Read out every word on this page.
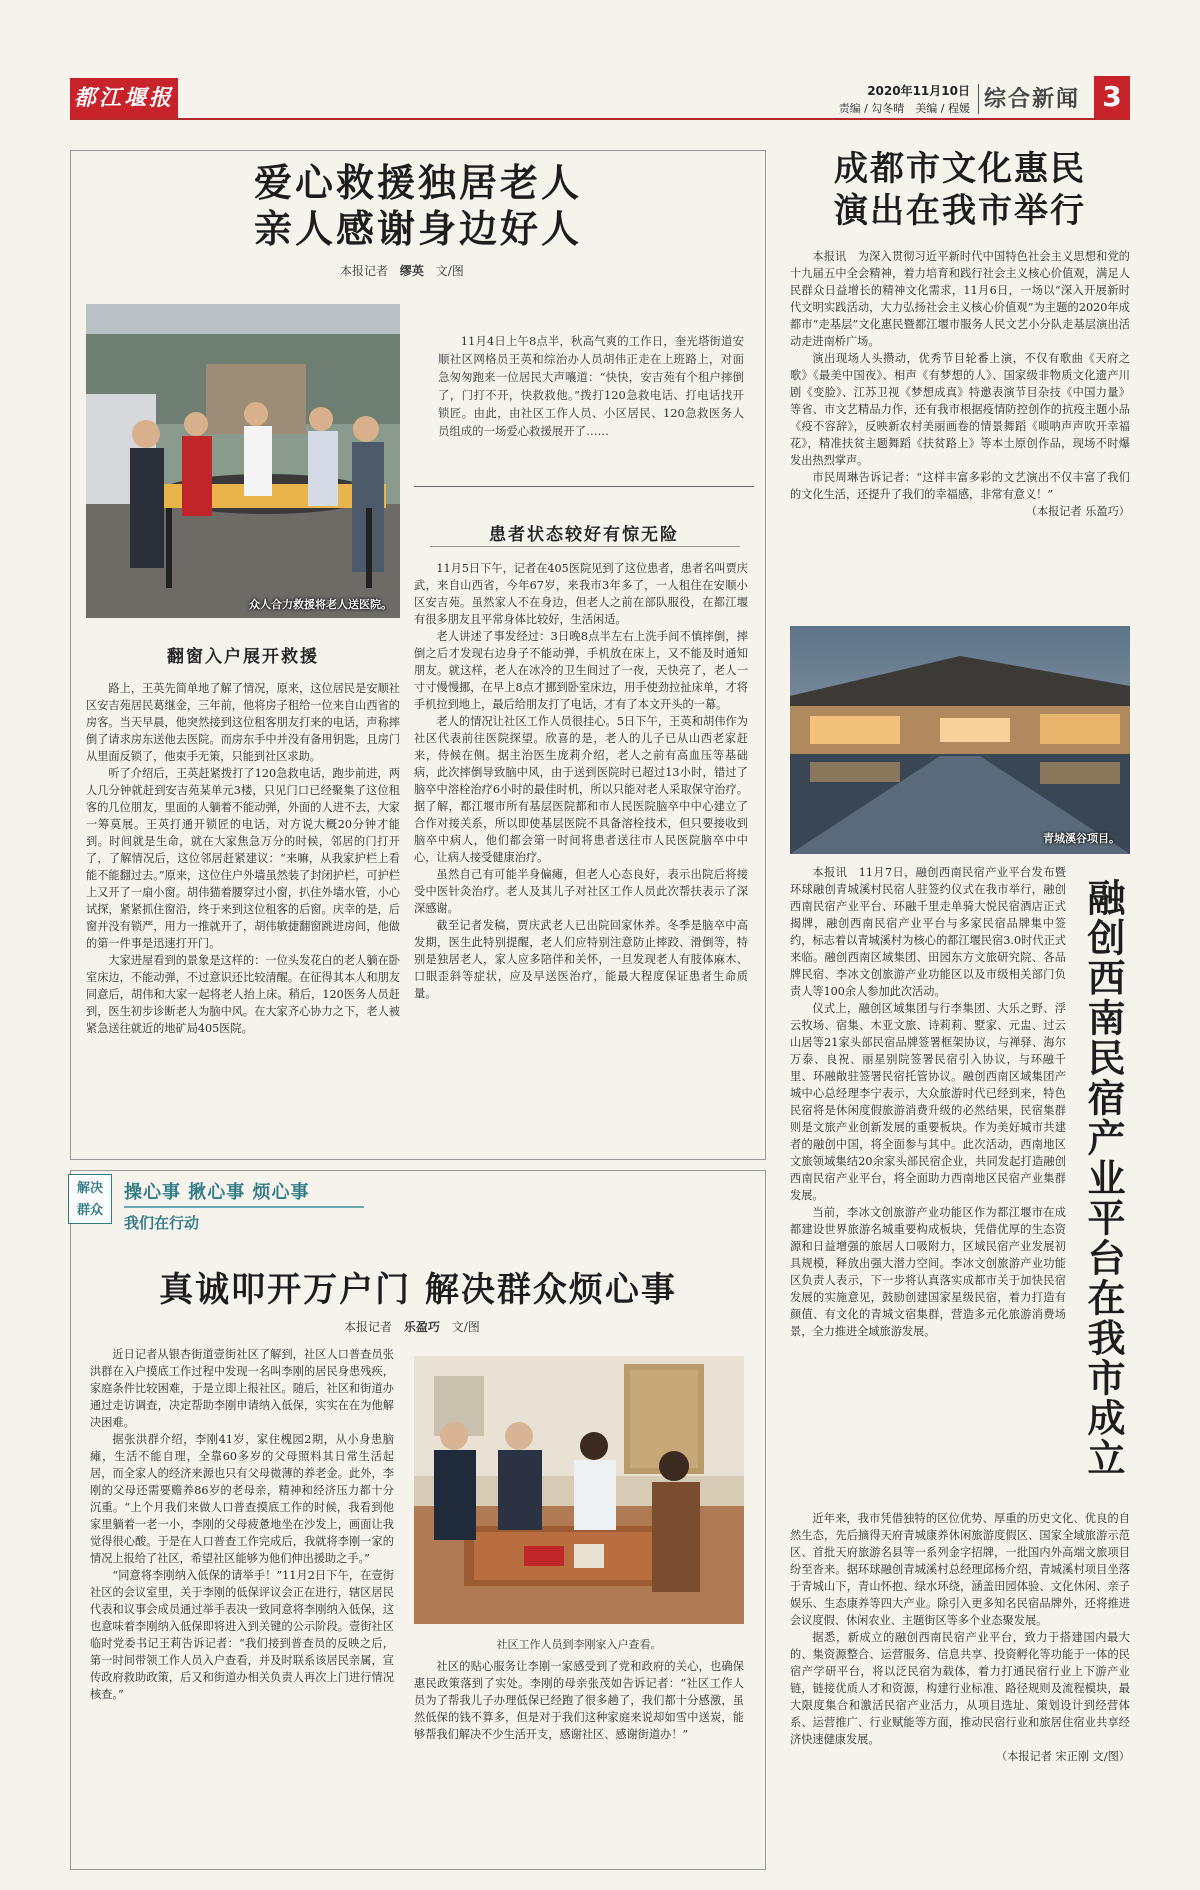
都江堰报	2020年11月10日
责编 / 勾冬晴　美编 / 程媛 综合新闻 3
爱心救援独居老人
亲人感谢身边好人
本报记者 缪英 文/图
众人合力救援将老人送医院。
11月4日上午8点半，秋高气爽的工作日，奎光塔街道安顺社区网格员王英和综治办人员胡伟正走在上班路上，对面急匆匆跑来一位居民大声嚷道：“快快，安吉苑有个租户摔倒了，门打不开，快救救他。”拨打120急救电话、打电话找开锁匠。由此，由社区工作人员、小区居民、120急救医务人员组成的一场爱心救援展开了……
患者状态较好有惊无险
翻窗入户展开救援

路上，王英先简单地了解了情况，原来，这位居民是安顺社区安吉苑居民葛继金，三年前，他将房子租给一位来自山西省的房客。当天早晨，他突然接到这位租客朋友打来的电话，声称摔倒了请求房东送他去医院。而房东手中并没有备用钥匙，且房门从里面反锁了，他束手无策，只能到社区求助。

听了介绍后，王英赶紧拨打了120急救电话，跑步前进，两人几分钟就赶到安吉苑某单元3楼，只见门口已经聚集了这位租客的几位朋友，里面的人躺着不能动弹，外面的人进不去，大家一筹莫展。王英打通开锁匠的电话，对方说大概20分钟才能到。时间就是生命，就在大家焦急万分的时候，邻居的门打开了，了解情况后，这位邻居赶紧建议：“来嘛，从我家护栏上看能不能翻过去。”原来，这位住户外墙虽然装了封闭护栏，可护栏上又开了一扇小窗。胡伟猫着腰穿过小窗，扒住外墙水管，小心试探，紧紧抓住窗沿，终于来到这位租客的后窗。庆幸的是，后窗并没有锁严，用力一推就开了，胡伟敏捷翻窗跳进房间，他做的第一件事是迅速打开门。

大家进屋看到的景象是这样的：一位头发花白的老人躺在卧室床边，不能动弹，不过意识还比较清醒。在征得其本人和朋友同意后，胡伟和大家一起将老人抬上床。稍后，120医务人员赶到，医生初步诊断老人为脑中风。在大家齐心协力之下，老人被紧急送往就近的地矿局405医院。

11月5日下午，记者在405医院见到了这位患者，患者名叫贾庆武，来自山西省，今年67岁，来我市3年多了，一人租住在安顺小区安吉苑。虽然家人不在身边，但老人之前在部队服役，在都江堰有很多朋友且平常身体比较好，生活闲适。

老人讲述了事发经过：3日晚8点半左右上洗手间不慎摔倒，摔倒之后才发现右边身子不能动弹，手机放在床上，又不能及时通知朋友。就这样，老人在冰冷的卫生间过了一夜，天快亮了，老人一寸寸慢慢挪，在早上8点才挪到卧室床边，用手使劲拉扯床单，才将手机拉到地上，最后给朋友打了电话，才有了本文开头的一幕。

老人的情况让社区工作人员很挂心。5日下午，王英和胡伟作为社区代表前往医院探望。欣喜的是，老人的儿子已从山西老家赶来，侍候在侧。据主治医生庞莉介绍，老人之前有高血压等基础病，此次摔倒导致脑中风，由于送到医院时已超过13小时，错过了脑卒中溶栓治疗6小时的最佳时机，所以只能对老人采取保守治疗。据了解，都江堰市所有基层医院都和市人民医院脑卒中中心建立了合作对接关系，所以即使基层医院不具备溶栓技术，但只要接收到脑卒中病人，他们都会第一时间将患者送往市人民医院脑卒中中心，让病人接受健康治疗。

虽然自己有可能半身偏瘫，但老人心态良好，表示出院后将接受中医针灸治疗。老人及其儿子对社区工作人员此次帮扶表示了深深感谢。

截至记者发稿，贾庆武老人已出院回家休养。冬季是脑卒中高发期，医生此特别提醒，老人们应特别注意防止摔跤、滑倒等，特别是独居老人，家人应多陪伴和关怀，一旦发现老人有肢体麻木、口眼歪斜等症状，应及早送医治疗，能最大程度保证患者生命质量。

解决
群众
操心事 揪心事 烦心事
我们在行动
真诚叩开万户门 解决群众烦心事
本报记者 乐盈巧 文/图

近日记者从银杏街道壹街社区了解到，社区人口普查员张洪群在入户摸底工作过程中发现一名叫李刚的居民身患残疾，家庭条件比较困难，于是立即上报社区。随后，社区和街道办通过走访调查，决定帮助李刚申请纳入低保，实实在在为他解决困难。

据张洪群介绍，李刚41岁，家住槐园2期，从小身患脑瘫，生活不能自理，全靠60多岁的父母照料其日常生活起居，而全家人的经济来源也只有父母微薄的养老金。此外，李刚的父母还需要赡养86岁的老母亲，精神和经济压力都十分沉重。“上个月我们来做人口普查摸底工作的时候，我看到他家里躺着一老一小，李刚的父母疲惫地坐在沙发上，画面让我觉得很心酸。于是在人口普查工作完成后，我就将李刚一家的情况上报给了社区，希望社区能够为他们伸出援助之手。”

“同意将李刚纳入低保的请举手！”11月2日下午，在壹街社区的会议室里，关于李刚的低保评议会正在进行，辖区居民代表和议事会成员通过举手表决一致同意将李刚纳入低保，这也意味着李刚纳入低保即将进入到关键的公示阶段。壹街社区临时党委书记王莉告诉记者：“我们接到普查员的反映之后，第一时间带领工作人员入户查看，并及时联系该居民亲属，宣传政府救助政策，后又和街道办相关负责人再次上门进行情况核查。”

社区工作人员到李刚家入户查看。

社区的贴心服务让李刚一家感受到了党和政府的关心，也确保惠民政策落到了实处。李刚的母亲张茂如告诉记者：“社区工作人员为了帮我儿子办理低保已经跑了很多趟了，我们都十分感激，虽然低保的钱不算多，但是对于我们这种家庭来说却如雪中送炭，能够帮我们解决不少生活开支，感谢社区、感谢街道办！”

成都市文化惠民
演出在我市举行

本报讯　为深入贯彻习近平新时代中国特色社会主义思想和党的十九届五中全会精神，着力培育和践行社会主义核心价值观，满足人民群众日益增长的精神文化需求，11月6日，一场以“深入开展新时代文明实践活动，大力弘扬社会主义核心价值观”为主题的2020年成都市“走基层”文化惠民暨都江堰市服务人民文艺小分队走基层演出活动走进南桥广场。

演出现场人头攒动，优秀节目轮番上演，不仅有歌曲《天府之歌》《最美中国夜》、相声《有梦想的人》、国家级非物质文化遗产川剧《变脸》、江苏卫视《梦想成真》特邀表演节目杂技《中国力量》等省、市文艺精品力作，还有我市根据疫情防控创作的抗疫主题小品《疫不容辞》，反映新农村美丽画卷的情景舞蹈《唢呐声声吹开幸福花》，精准扶贫主题舞蹈《扶贫路上》等本土原创作品，现场不时爆发出热烈掌声。

市民周琳告诉记者：“这样丰富多彩的文艺演出不仅丰富了我们的文化生活，还提升了我们的幸福感，非常有意义！”

（本报记者 乐盈巧）

青城溪谷项目。

本报讯　11月7日，融创西南民宿产业平台发布暨环球融创青城溪村民宿人驻签约仪式在我市举行，融创西南民宿产业平台、环融千里走单骑大悦民宿酒店正式揭牌，融创西南民宿产业平台与多家民宿品牌集中签约，标志着以青城溪村为核心的都江堰民宿3.0时代正式来临。融创西南区域集团、田园东方文旅研究院、各品牌民宿、李冰文创旅游产业功能区以及市级相关部门负责人等100余人参加此次活动。

仪式上，融创区域集团与行李集团、大乐之野、浮云牧场、宿集、木亚文旅、诗莉莉、墅家、元盅、过云山居等21家头部民宿品牌签署框架协议，与禅驿、海尔万泰、良祝、丽星别院签署民宿引入协议，与环融千里、环融敞驻签署民宿托管协议。融创西南区域集团产城中心总经理李宁表示，大众旅游时代已经到来，特色民宿将是休闲度假旅游消费升级的必然结果，民宿集群则是文旅产业创新发展的重要板块。作为美好城市共建者的融创中国，将全面参与其中。此次活动，西南地区文旅领域集结20余家头部民宿企业，共同发起打造融创西南民宿产业平台，将全面助力西南地区民宿产业集群发展。

当前，李冰文创旅游产业功能区作为都江堰市在成都建设世界旅游名城重要构成板块，凭借优厚的生态资源和日益增强的旅居人口吸附力，区域民宿产业发展初具规模，释放出强大潜力空间。李冰文创旅游产业功能区负责人表示，下一步将认真落实成都市关于加快民宿发展的实施意见，鼓励创建国家星级民宿，着力打造有颜值、有文化的青城文宿集群，营造多元化旅游消费场景，全力推进全域旅游发展。	融创西南民宿产业平台在我市成立

近年来，我市凭借独特的区位优势、厚重的历史文化、优良的自然生态，先后摘得天府青城康养休闲旅游度假区、国家全域旅游示范区、首批天府旅游名县等一系列金字招牌，一批国内外高端文旅项目纷至沓来。据环球融创青城溪村总经理邱杨介绍，青城溪村项目坐落于青城山下，青山怀抱、绿水环绕，涵盖田园体验、文化休闲、亲子娱乐、生态康养等四大产业。除引入更多知名民宿品牌外，还将推进会议度假、休闲农业、主题街区等多个业态聚发展。

据悉，新成立的融创西南民宿产业平台，致力于搭建国内最大的、集资源整合、运营服务、信息共享、投资孵化等功能于一体的民宿产学研平台，将以泛民宿为载体，着力打通民宿行业上下游产业链，链接优质人才和资源，构建行业标准、路径规则及流程模块，最大限度集合和激活民宿产业活力，从项目选址、策划设计到经营体系、运营推广、行业赋能等方面，推动民宿行业和旅居住宿业共享经济快速健康发展。

（本报记者 宋正刚 文/图）
